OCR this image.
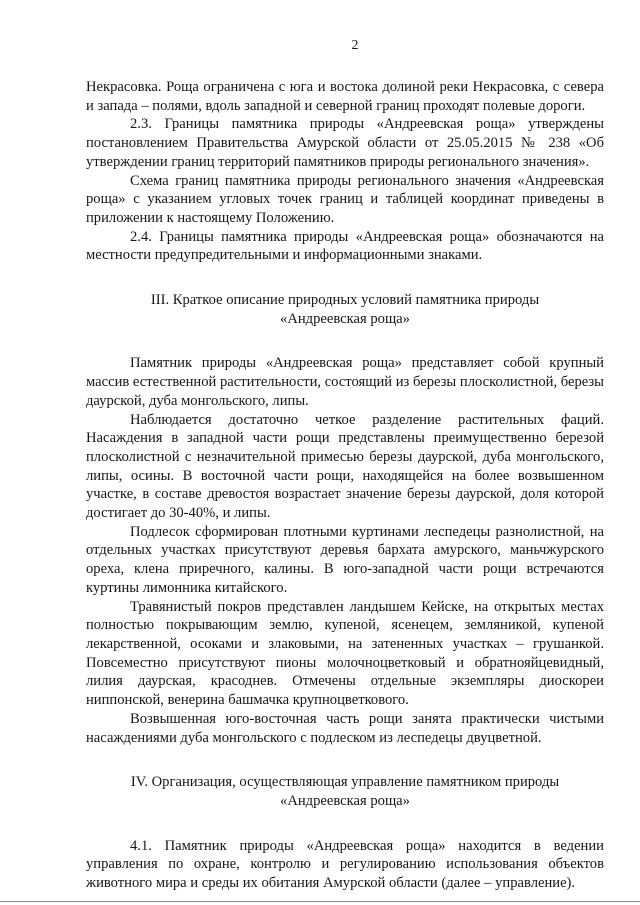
2

Некрасовка. Роща ограничена с юга и востока долиной реки Некрасовка, с севера и запада – полями, вдоль западной и северной границ проходят полевые дороги.

2.3. Границы памятника природы «Андреевская роща» утверждены постановлением Правительства Амурской области от 25.05.2015 № 238 «Об утверждении границ территорий памятников природы регионального значения».

Схема границ памятника природы регионального значения «Андреевская роща» с указанием угловых точек границ и таблицей координат приведены в приложении к настоящему Положению.

2.4. Границы памятника природы «Андреевская роща» обозначаются на местности предупредительными и информационными знаками.

III. Краткое описание природных условий памятника природы
«Андреевская роща»

Памятник природы «Андреевская роща» представляет собой крупный массив естественной растительности, состоящий из березы плосколистной, березы даурской, дуба монгольского, липы.

Наблюдается достаточно четкое разделение растительных фаций. Насаждения в западной части рощи представлены преимущественно березой плосколистной с незначительной примесью березы даурской, дуба монгольского, липы, осины. В восточной части рощи, находящейся на более возвышенном участке, в составе древостоя возрастает значение березы даурской, доля которой достигает до 30-40%, и липы.

Подлесок сформирован плотными куртинами леспедецы разнолистной, на отдельных участках присутствуют деревья бархата амурского, маньчжурского ореха, клена приречного, калины. В юго-западной части рощи встречаются куртины лимонника китайского.

Травянистый покров представлен ландышем Кейске, на открытых местах полностью покрывающим землю, купеной, ясенецем, земляникой, купеной лекарственной, осоками и злаковыми, на затененных участках – грушанкой. Повсеместно присутствуют пионы молочноцветковый и обратнояйцевидный, лилия даурская, красоднев. Отмечены отдельные экземпляры диоскореи ниппонской, венерина башмачка крупноцветкового.

Возвышенная юго-восточная часть рощи занята практически чистыми насаждениями дуба монгольского с подлеском из леспедецы двуцветной.

IV. Организация, осуществляющая управление памятником природы
«Андреевская роща»

4.1. Памятник природы «Андреевская роща» находится в ведении управления по охране, контролю и регулированию использования объектов животного мира и среды их обитания Амурской области (далее – управление).
